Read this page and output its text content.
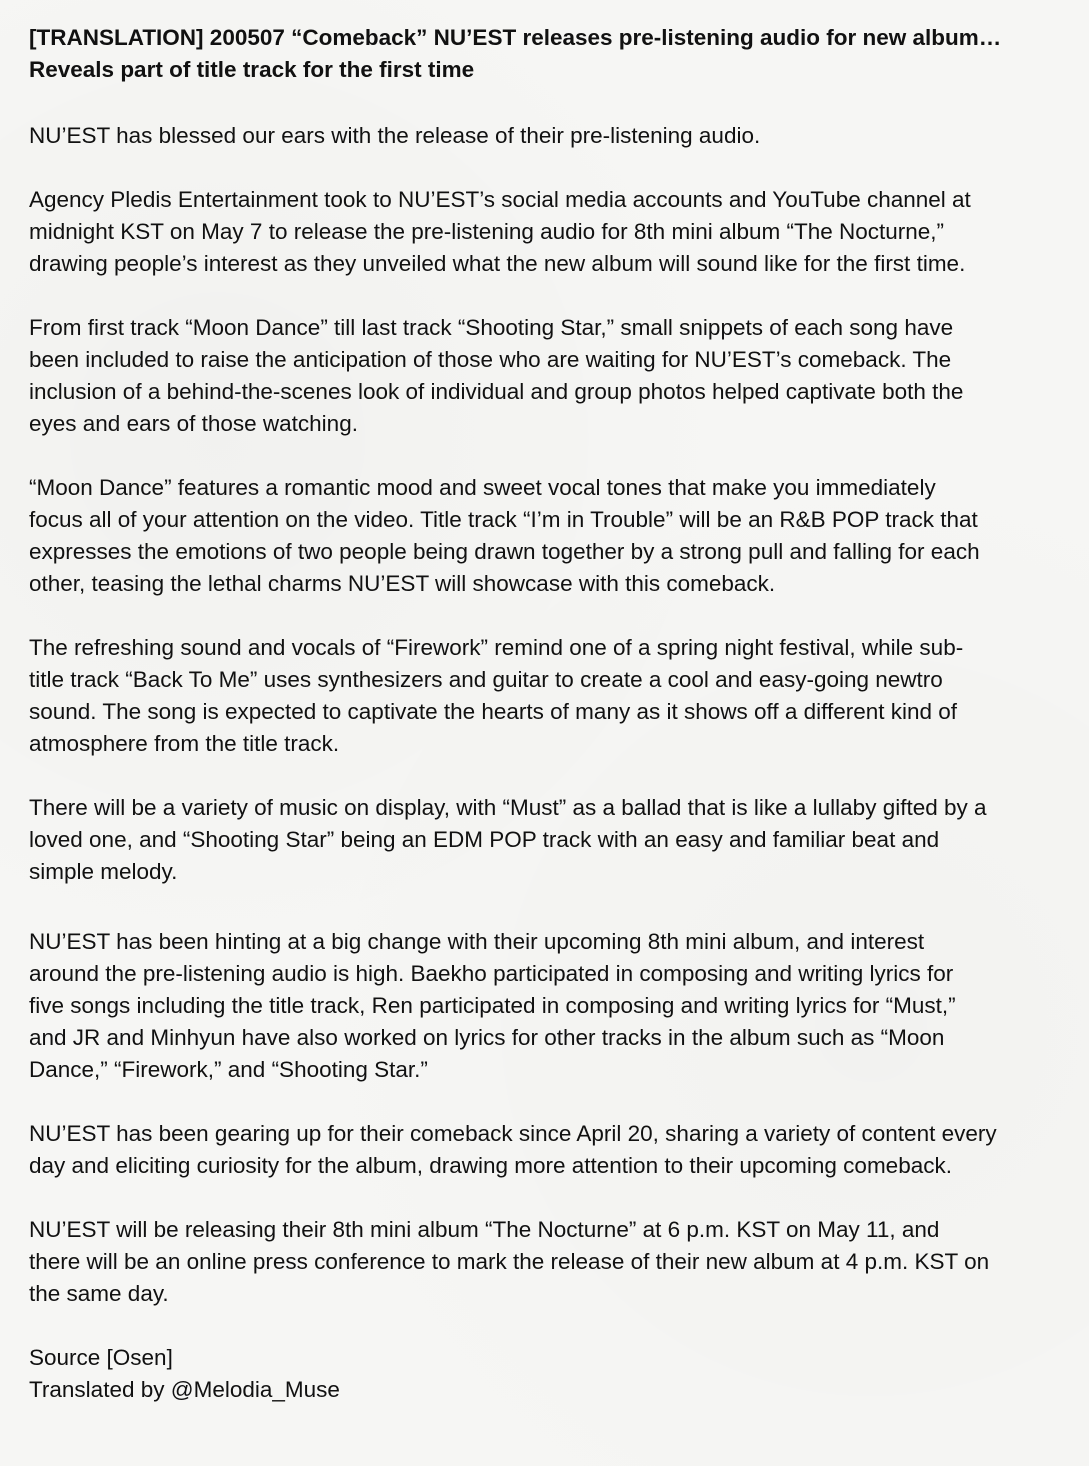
[TRANSLATION] 200507 “Comeback” NU’EST releases pre-listening audio for new album…
Reveals part of title track for the first time
NU’EST has blessed our ears with the release of their pre-listening audio.
Agency Pledis Entertainment took to NU’EST’s social media accounts and YouTube channel at
midnight KST on May 7 to release the pre-listening audio for 8th mini album “The Nocturne,”
drawing people’s interest as they unveiled what the new album will sound like for the first time.
From first track “Moon Dance” till last track “Shooting Star,” small snippets of each song have
been included to raise the anticipation of those who are waiting for NU’EST’s comeback. The
inclusion of a behind-the-scenes look of individual and group photos helped captivate both the
eyes and ears of those watching.
“Moon Dance” features a romantic mood and sweet vocal tones that make you immediately
focus all of your attention on the video. Title track “I’m in Trouble” will be an R&B POP track that
expresses the emotions of two people being drawn together by a strong pull and falling for each
other, teasing the lethal charms NU’EST will showcase with this comeback.
The refreshing sound and vocals of “Firework” remind one of a spring night festival, while sub-
title track “Back To Me” uses synthesizers and guitar to create a cool and easy-going newtro
sound. The song is expected to captivate the hearts of many as it shows off a different kind of
atmosphere from the title track.
There will be a variety of music on display, with “Must” as a ballad that is like a lullaby gifted by a
loved one, and “Shooting Star” being an EDM POP track with an easy and familiar beat and
simple melody.
NU’EST has been hinting at a big change with their upcoming 8th mini album, and interest
around the pre-listening audio is high. Baekho participated in composing and writing lyrics for
five songs including the title track, Ren participated in composing and writing lyrics for “Must,”
and JR and Minhyun have also worked on lyrics for other tracks in the album such as “Moon
Dance,” “Firework,” and “Shooting Star.”
NU’EST has been gearing up for their comeback since April 20, sharing a variety of content every
day and eliciting curiosity for the album, drawing more attention to their upcoming comeback.
NU’EST will be releasing their 8th mini album “The Nocturne” at 6 p.m. KST on May 11, and
there will be an online press conference to mark the release of their new album at 4 p.m. KST on
the same day.
Source [Osen]
Translated by @Melodia_Muse
